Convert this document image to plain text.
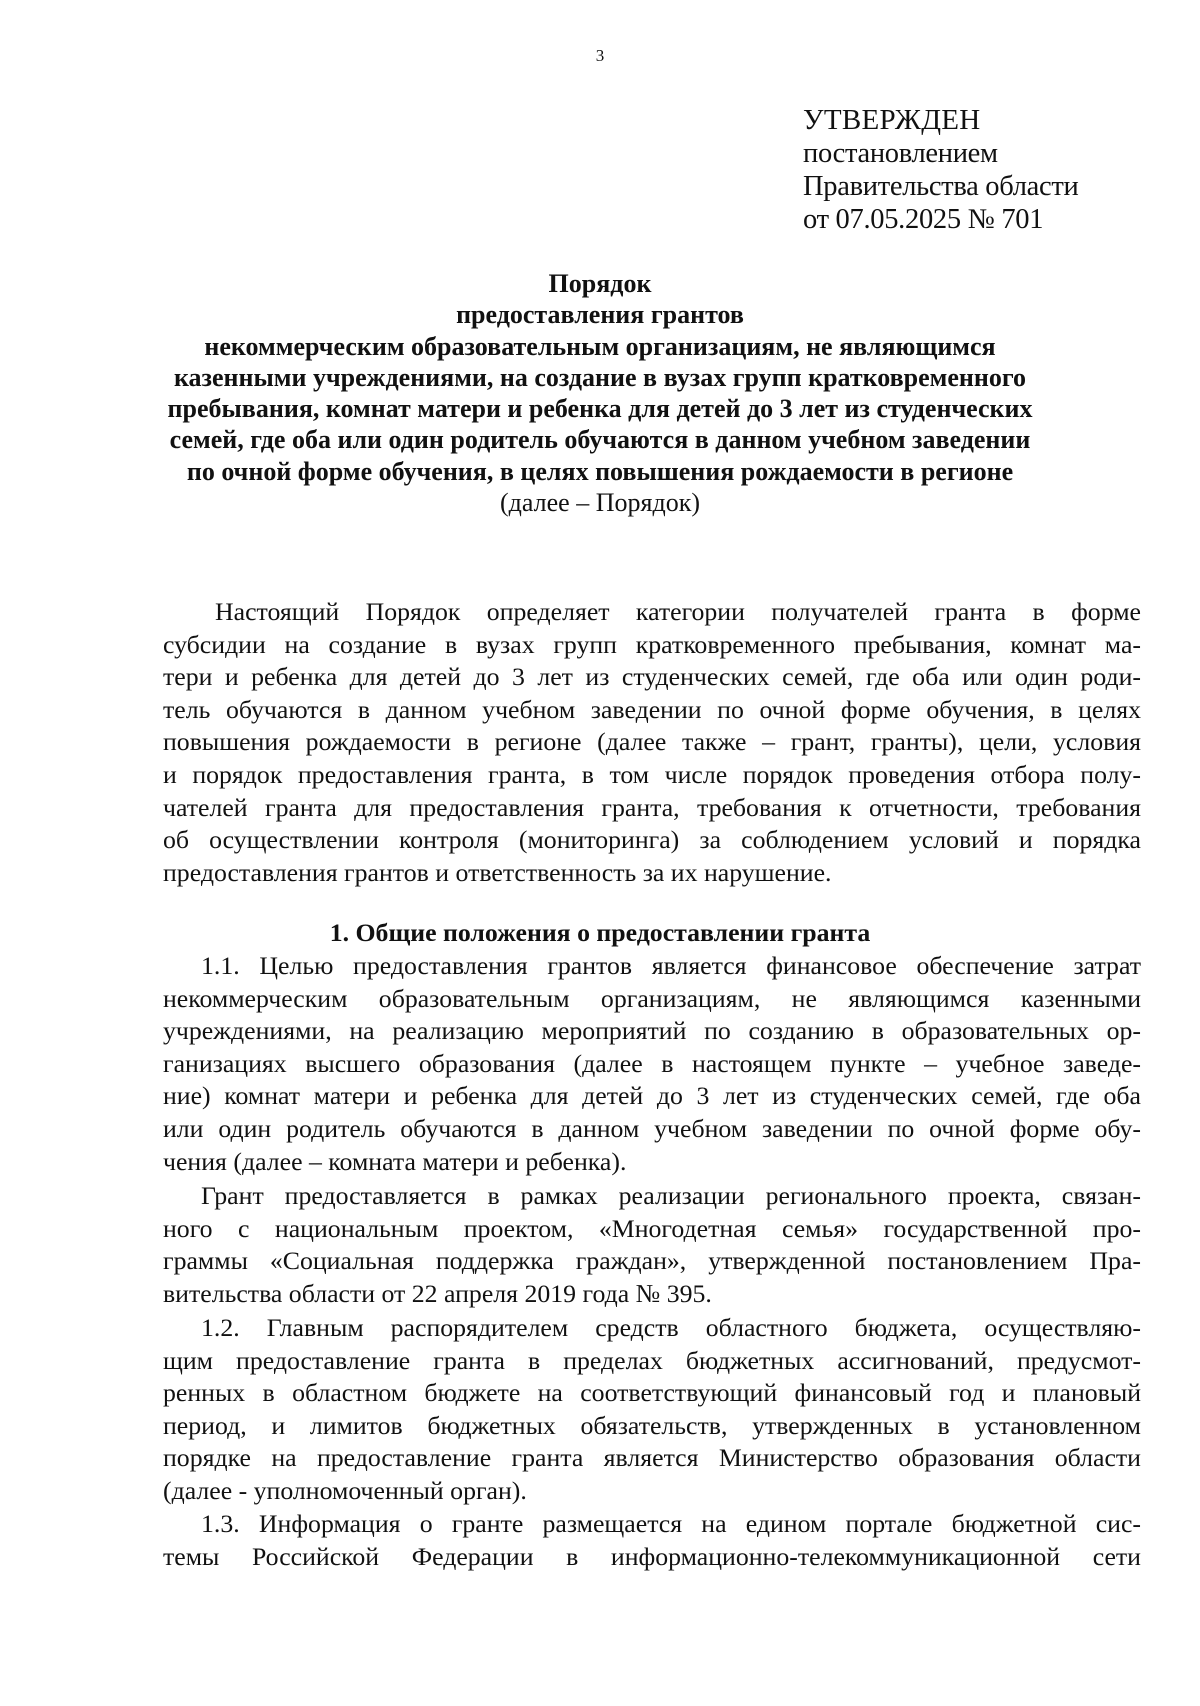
3
УТВЕРЖДЕН
постановлением
Правительства области
от 07.05.2025 № 701
Порядок
предоставления грантов
некоммерческим образовательным организациям, не являющимся
казенными учреждениями, на создание в вузах групп кратковременного
пребывания, комнат матери и ребенка для детей до 3 лет из студенческих
семей, где оба или один родитель обучаются в данном учебном заведении
по очной форме обучения, в целях повышения рождаемости в регионе
(далее – Порядок)
Настоящий Порядок определяет категории получателей гранта в форме
субсидии на создание в вузах групп кратковременного пребывания, комнат ма-
тери и ребенка для детей до 3 лет из студенческих семей, где оба или один роди-
тель обучаются в данном учебном заведении по очной форме обучения, в целях
повышения рождаемости в регионе (далее также – грант, гранты), цели, условия
и порядок предоставления гранта, в том числе порядок проведения отбора полу-
чателей гранта для предоставления гранта, требования к отчетности, требования
об осуществлении контроля (мониторинга) за соблюдением условий и порядка
предоставления грантов и ответственность за их нарушение.
1. Общие положения о предоставлении гранта
1.1. Целью предоставления грантов является финансовое обеспечение затрат
некоммерческим образовательным организациям, не являющимся казенными
учреждениями, на реализацию мероприятий по созданию в образовательных ор-
ганизациях высшего образования (далее в настоящем пункте – учебное заведе-
ние) комнат матери и ребенка для детей до 3 лет из студенческих семей, где оба
или один родитель обучаются в данном учебном заведении по очной форме обу-
чения (далее – комната матери и ребенка).
Грант предоставляется в рамках реализации регионального проекта, связан-
ного с национальным проектом, «Многодетная семья» государственной про-
граммы «Социальная поддержка граждан», утвержденной постановлением Пра-
вительства области от 22 апреля 2019 года № 395.
1.2. Главным распорядителем средств областного бюджета, осуществляю-
щим предоставление гранта в пределах бюджетных ассигнований, предусмот-
ренных в областном бюджете на соответствующий финансовый год и плановый
период, и лимитов бюджетных обязательств, утвержденных в установленном
порядке на предоставление гранта является Министерство образования области
(далее - уполномоченный орган).
1.3. Информация о гранте размещается на едином портале бюджетной сис-
темы Российской Федерации в информационно-телекоммуникационной сети
